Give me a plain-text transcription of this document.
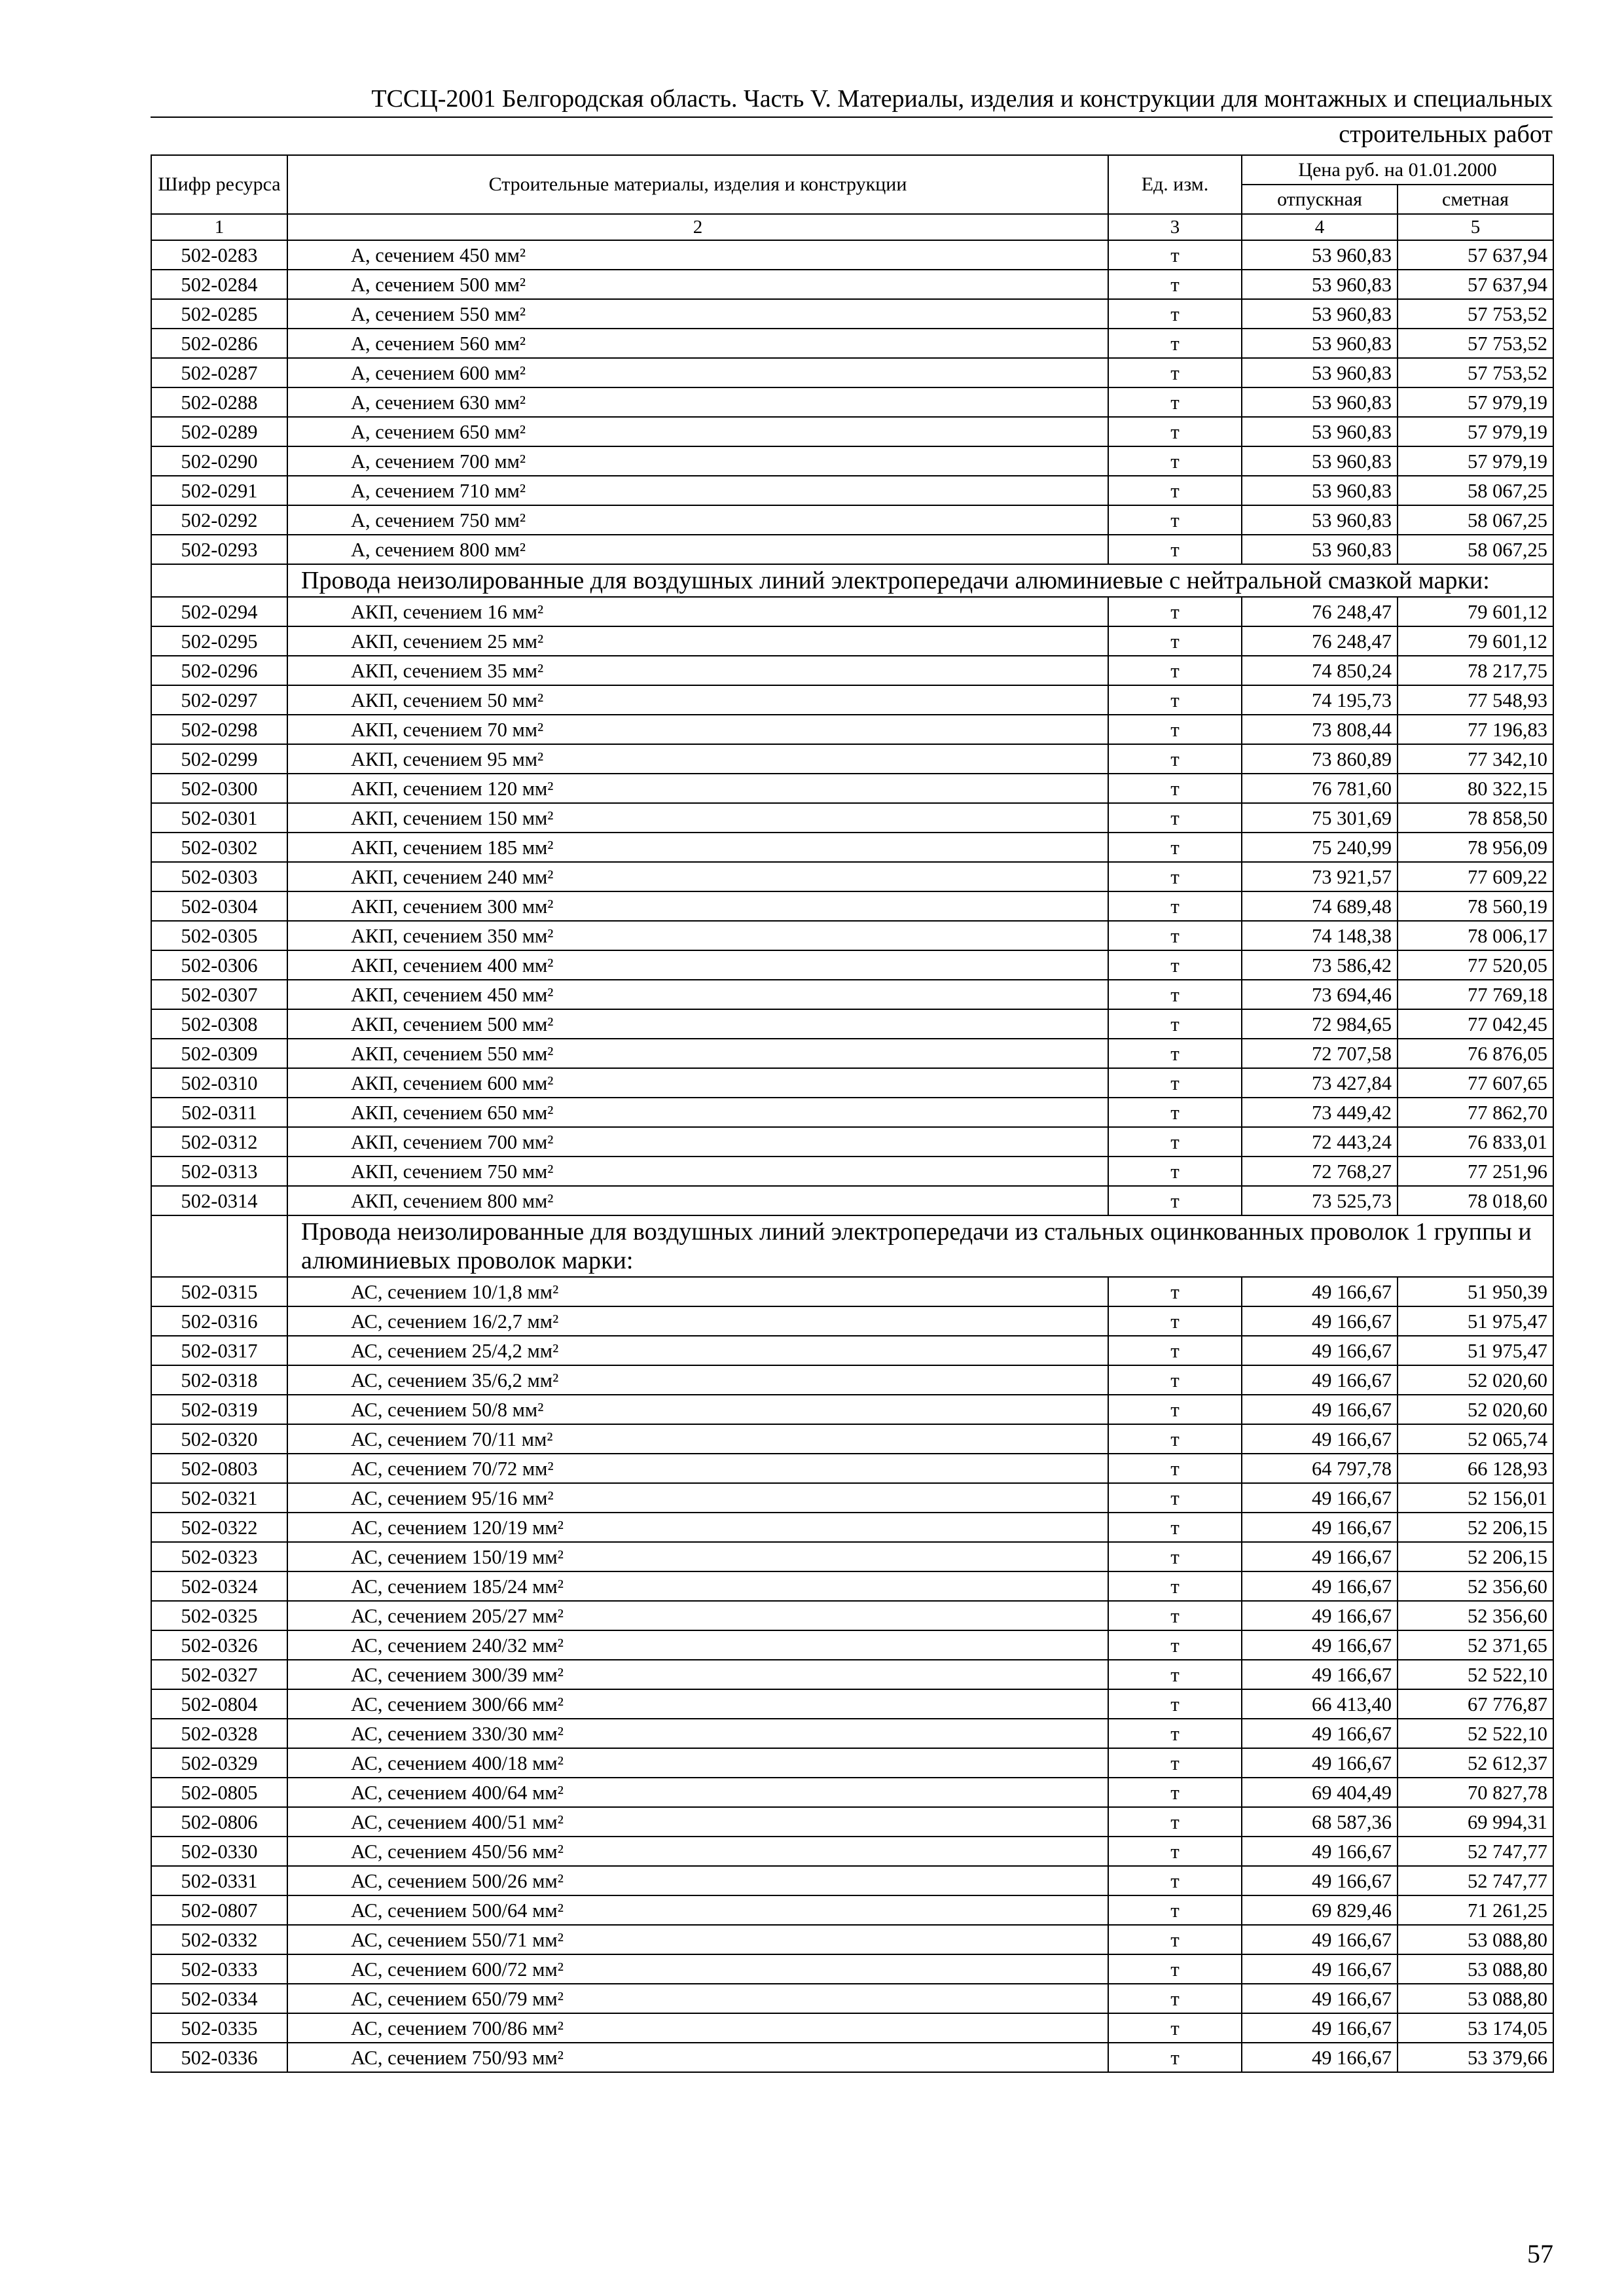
ТССЦ-2001 Белгородская область. Часть V. Материалы, изделия и конструкции для монтажных и специальных
строительных работ
Шифр ресурса	Строительные материалы, изделия и конструкции	Ед. изм.	Цена руб. на 01.01.2000	
			отпускная	сметная
1	2	3	4	5
502-0283	А, сечением 450 мм²	т	53 960,83	57 637,94
502-0284	А, сечением 500 мм²	т	53 960,83	57 637,94
502-0285	А, сечением 550 мм²	т	53 960,83	57 753,52
502-0286	А, сечением 560 мм²	т	53 960,83	57 753,52
502-0287	А, сечением 600 мм²	т	53 960,83	57 753,52
502-0288	А, сечением 630 мм²	т	53 960,83	57 979,19
502-0289	А, сечением 650 мм²	т	53 960,83	57 979,19
502-0290	А, сечением 700 мм²	т	53 960,83	57 979,19
502-0291	А, сечением 710 мм²	т	53 960,83	58 067,25
502-0292	А, сечением 750 мм²	т	53 960,83	58 067,25
502-0293	А, сечением 800 мм²	т	53 960,83	58 067,25
	Провода неизолированные для воздушных линий электропередачи алюминиевые с нейтральной смазкой марки:			
502-0294	АКП, сечением 16 мм²	т	76 248,47	79 601,12
502-0295	АКП, сечением 25 мм²	т	76 248,47	79 601,12
502-0296	АКП, сечением 35 мм²	т	74 850,24	78 217,75
502-0297	АКП, сечением 50 мм²	т	74 195,73	77 548,93
502-0298	АКП, сечением 70 мм²	т	73 808,44	77 196,83
502-0299	АКП, сечением 95 мм²	т	73 860,89	77 342,10
502-0300	АКП, сечением 120 мм²	т	76 781,60	80 322,15
502-0301	АКП, сечением 150 мм²	т	75 301,69	78 858,50
502-0302	АКП, сечением 185 мм²	т	75 240,99	78 956,09
502-0303	АКП, сечением 240 мм²	т	73 921,57	77 609,22
502-0304	АКП, сечением 300 мм²	т	74 689,48	78 560,19
502-0305	АКП, сечением 350 мм²	т	74 148,38	78 006,17
502-0306	АКП, сечением 400 мм²	т	73 586,42	77 520,05
502-0307	АКП, сечением 450 мм²	т	73 694,46	77 769,18
502-0308	АКП, сечением 500 мм²	т	72 984,65	77 042,45
502-0309	АКП, сечением 550 мм²	т	72 707,58	76 876,05
502-0310	АКП, сечением 600 мм²	т	73 427,84	77 607,65
502-0311	АКП, сечением 650 мм²	т	73 449,42	77 862,70
502-0312	АКП, сечением 700 мм²	т	72 443,24	76 833,01
502-0313	АКП, сечением 750 мм²	т	72 768,27	77 251,96
502-0314	АКП, сечением 800 мм²	т	73 525,73	78 018,60
	Провода неизолированные для воздушных линий электропередачи из стальных оцинкованных проволок 1 группы и алюминиевых проволок марки:			
502-0315	АС, сечением 10/1,8 мм²	т	49 166,67	51 950,39
502-0316	АС, сечением 16/2,7 мм²	т	49 166,67	51 975,47
502-0317	АС, сечением 25/4,2 мм²	т	49 166,67	51 975,47
502-0318	АС, сечением 35/6,2 мм²	т	49 166,67	52 020,60
502-0319	АС, сечением 50/8 мм²	т	49 166,67	52 020,60
502-0320	АС, сечением 70/11 мм²	т	49 166,67	52 065,74
502-0803	АС, сечением 70/72 мм²	т	64 797,78	66 128,93
502-0321	АС, сечением 95/16 мм²	т	49 166,67	52 156,01
502-0322	АС, сечением 120/19 мм²	т	49 166,67	52 206,15
502-0323	АС, сечением 150/19 мм²	т	49 166,67	52 206,15
502-0324	АС, сечением 185/24 мм²	т	49 166,67	52 356,60
502-0325	АС, сечением 205/27 мм²	т	49 166,67	52 356,60
502-0326	АС, сечением 240/32 мм²	т	49 166,67	52 371,65
502-0327	АС, сечением 300/39 мм²	т	49 166,67	52 522,10
502-0804	АС, сечением 300/66 мм²	т	66 413,40	67 776,87
502-0328	АС, сечением 330/30 мм²	т	49 166,67	52 522,10
502-0329	АС, сечением 400/18 мм²	т	49 166,67	52 612,37
502-0805	АС, сечением 400/64 мм²	т	69 404,49	70 827,78
502-0806	АС, сечением 400/51 мм²	т	68 587,36	69 994,31
502-0330	АС, сечением 450/56 мм²	т	49 166,67	52 747,77
502-0331	АС, сечением 500/26 мм²	т	49 166,67	52 747,77
502-0807	АС, сечением 500/64 мм²	т	69 829,46	71 261,25
502-0332	АС, сечением 550/71 мм²	т	49 166,67	53 088,80
502-0333	АС, сечением 600/72 мм²	т	49 166,67	53 088,80
502-0334	АС, сечением 650/79 мм²	т	49 166,67	53 088,80
502-0335	АС, сечением 700/86 мм²	т	49 166,67	53 174,05
502-0336	АС, сечением 750/93 мм²	т	49 166,67	53 379,66
57
